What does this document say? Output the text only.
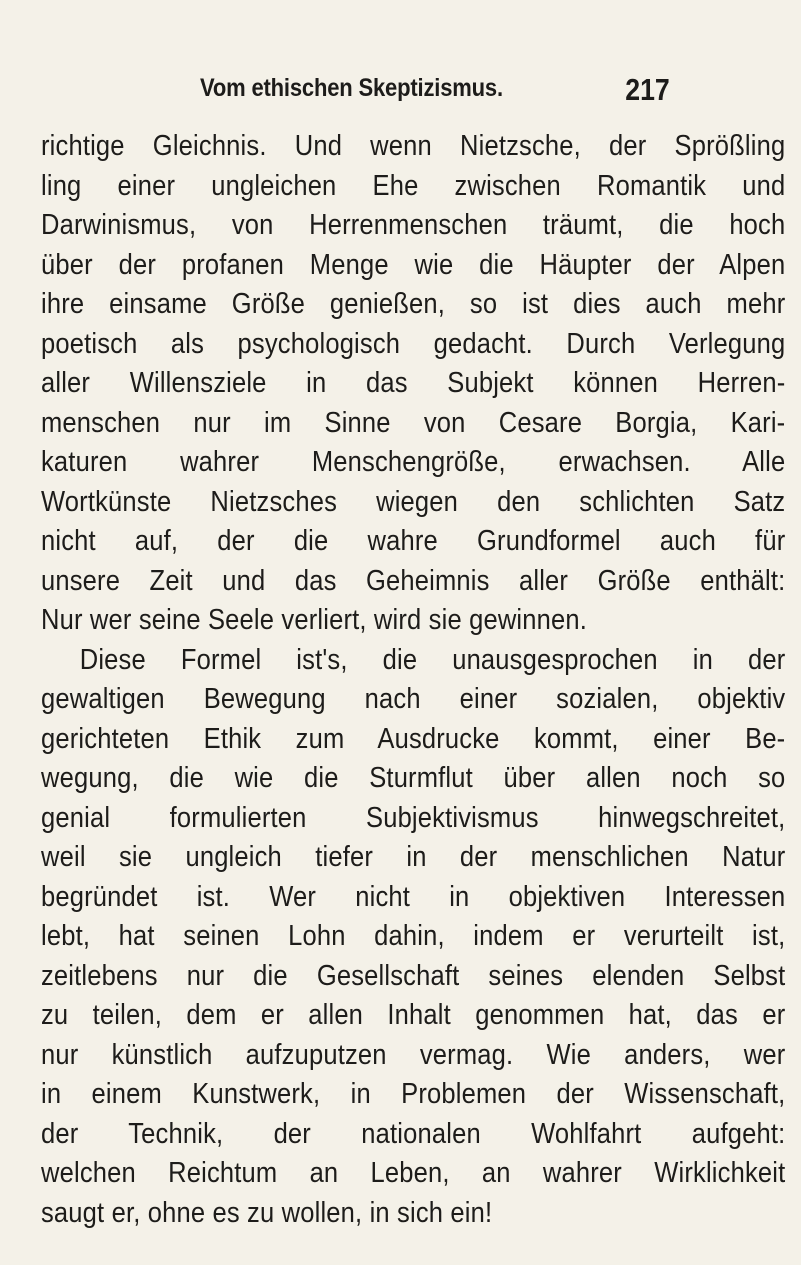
Vom ethischen Skeptizismus.	217
richtige Gleichnis. Und wenn Nietzsche, der Sprößling
ling einer ungleichen Ehe zwischen Romantik und
Darwinismus, von Herrenmenschen träumt, die hoch
über der profanen Menge wie die Häupter der Alpen
ihre einsame Größe genießen, so ist dies auch mehr
poetisch als psychologisch gedacht. Durch Verlegung
aller Willensziele in das Subjekt können Herren-
menschen nur im Sinne von Cesare Borgia, Kari-
katuren wahrer Menschengröße, erwachsen. Alle
Wortkünste Nietzsches wiegen den schlichten Satz
nicht auf, der die wahre Grundformel auch für
unsere Zeit und das Geheimnis aller Größe enthält:
Nur wer seine Seele verliert, wird sie gewinnen.
Diese Formel ist's, die unausgesprochen in der
gewaltigen Bewegung nach einer sozialen, objektiv
gerichteten Ethik zum Ausdrucke kommt, einer Be-
wegung, die wie die Sturmflut über allen noch so
genial formulierten Subjektivismus hinwegschreitet,
weil sie ungleich tiefer in der menschlichen Natur
begründet ist. Wer nicht in objektiven Interessen
lebt, hat seinen Lohn dahin, indem er verurteilt ist,
zeitlebens nur die Gesellschaft seines elenden Selbst
zu teilen, dem er allen Inhalt genommen hat, das er
nur künstlich aufzuputzen vermag. Wie anders, wer
in einem Kunstwerk, in Problemen der Wissenschaft,
der Technik, der nationalen Wohlfahrt aufgeht:
welchen Reichtum an Leben, an wahrer Wirklichkeit
saugt er, ohne es zu wollen, in sich ein!
